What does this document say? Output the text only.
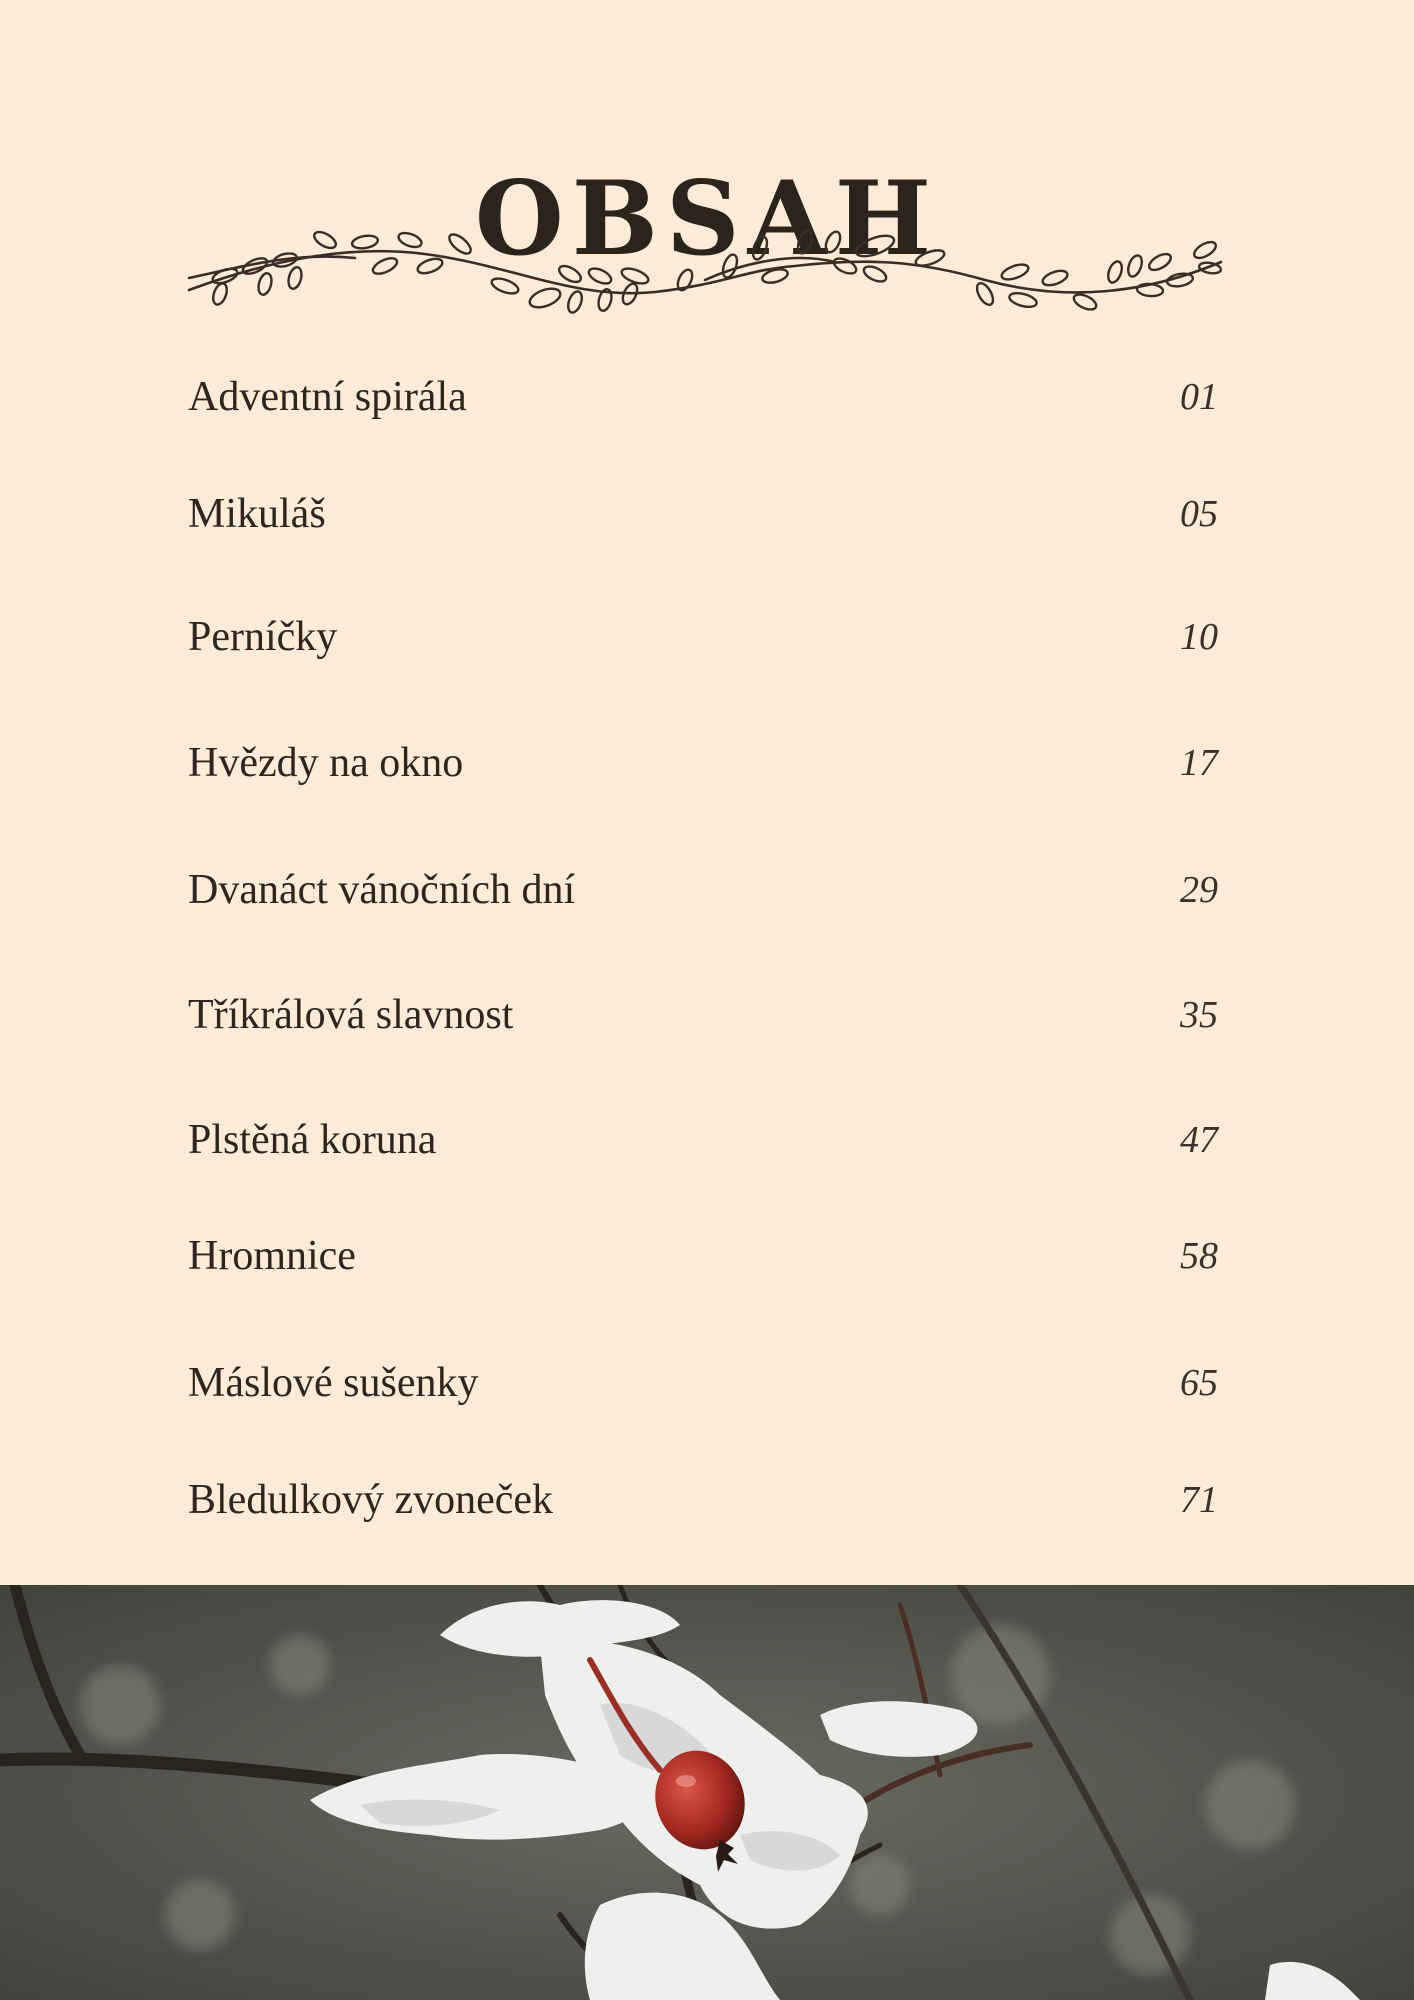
OBSAH
Adventní spirála	01
Mikuláš	05
Perníčky	10
Hvězdy na okno	17
Dvanáct vánočních dní	29
Tříkrálová slavnost	35
Plstěná koruna	47
Hromnice	58
Máslové sušenky	65
Bledulkový zvoneček	71
